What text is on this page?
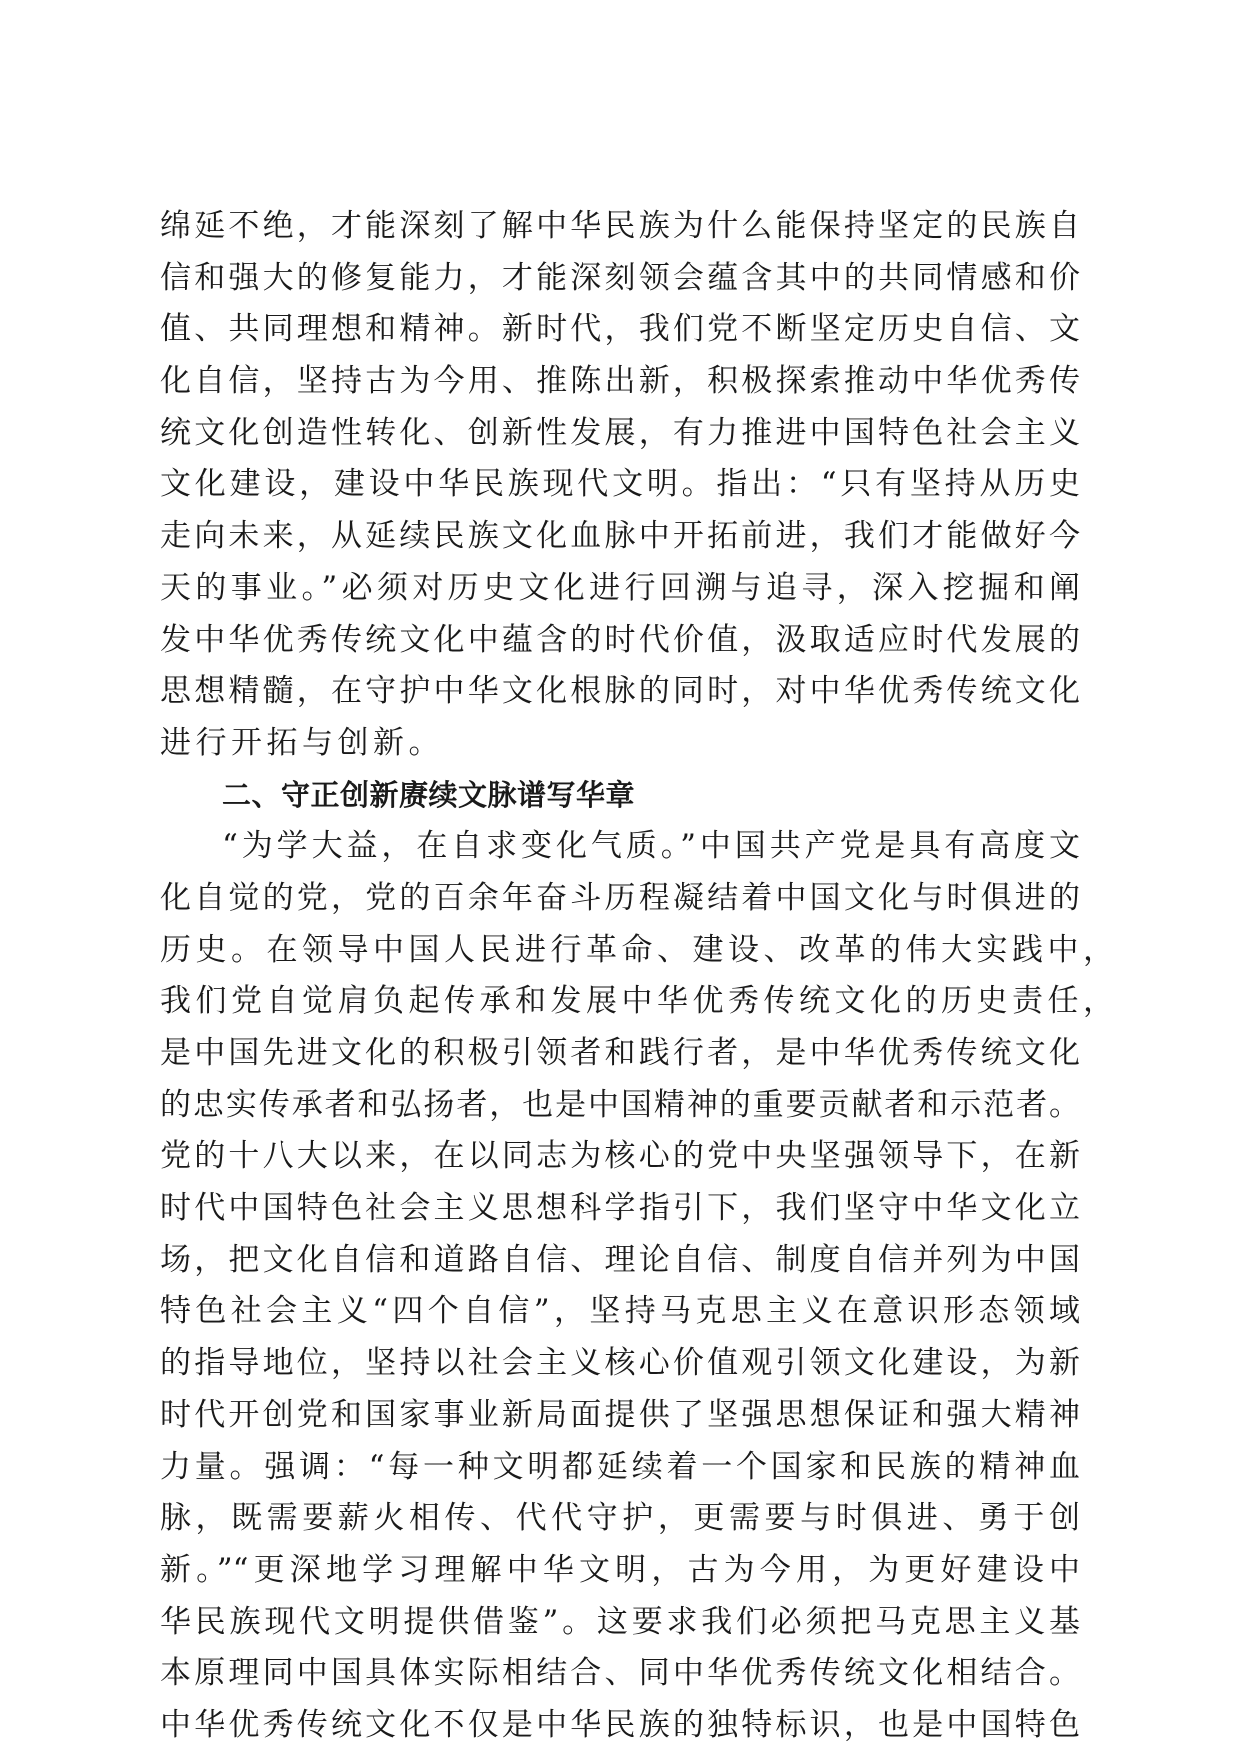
绵延不绝，才能深刻了解中华民族为什么能保持坚定的民族自
信和强大的修复能力，才能深刻领会蕴含其中的共同情感和价
值、共同理想和精神。新时代，我们党不断坚定历史自信、文
化自信，坚持古为今用、推陈出新，积极探索推动中华优秀传
统文化创造性转化、创新性发展，有力推进中国特色社会主义
文化建设，建设中华民族现代文明。指出：“只有坚持从历史
走向未来，从延续民族文化血脉中开拓前进，我们才能做好今
天的事业。”必须对历史文化进行回溯与追寻，深入挖掘和阐
发中华优秀传统文化中蕴含的时代价值，汲取适应时代发展的
思想精髓，在守护中华文化根脉的同时，对中华优秀传统文化
进行开拓与创新。
二、守正创新赓续文脉谱写华章
“为学大益，在自求变化气质。”中国共产党是具有高度文
化自觉的党，党的百余年奋斗历程凝结着中国文化与时俱进的
历史。在领导中国人民进行革命、建设、改革的伟大实践中，
我们党自觉肩负起传承和发展中华优秀传统文化的历史责任，
是中国先进文化的积极引领者和践行者，是中华优秀传统文化
的忠实传承者和弘扬者，也是中国精神的重要贡献者和示范者。
党的十八大以来，在以同志为核心的党中央坚强领导下，在新
时代中国特色社会主义思想科学指引下，我们坚守中华文化立
场，把文化自信和道路自信、理论自信、制度自信并列为中国
特色社会主义“四个自信”，坚持马克思主义在意识形态领域
的指导地位，坚持以社会主义核心价值观引领文化建设，为新
时代开创党和国家事业新局面提供了坚强思想保证和强大精神
力量。强调：“每一种文明都延续着一个国家和民族的精神血
脉，既需要薪火相传、代代守护，更需要与时俱进、勇于创
新。”“更深地学习理解中华文明，古为今用，为更好建设中
华民族现代文明提供借鉴”。这要求我们必须把马克思主义基
本原理同中国具体实际相结合、同中华优秀传统文化相结合。
中华优秀传统文化不仅是中华民族的独特标识，也是中国特色
